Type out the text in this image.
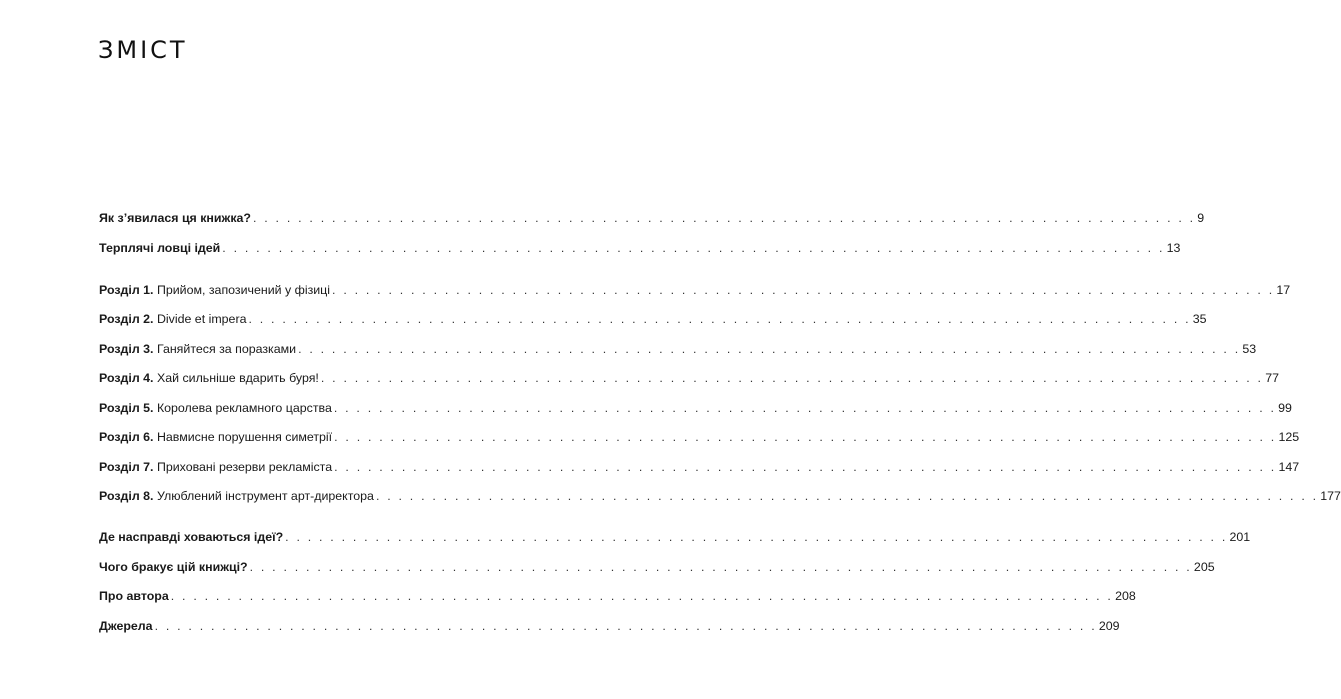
ЗМІСТ
Як з’явилася ця книжка? . . . . . . . . . . . . . . . . . . . . . . . . . . . . . . . . . . . . . . . . . . . . . . . . . . . . . . . . . . . . . . . . . . . . . . . . . . . . . . . . . . . . 9
Терплячі ловці ідей . . . . . . . . . . . . . . . . . . . . . . . . . . . . . . . . . . . . . . . . . . . . . . . . . . . . . . . . . . . . . . . . . . . . . . . . . . . . . . . . . . . . 13
Розділ 1. Прийом, запозичений у фізиці . . . . . . . . . . . . . . . . . . . . . . . . . . . . . . . . . . . . . . . . . . . . . . . . . . . . . . . . . . . . . . . . . . . . . . . . . . . . . . . . . . . . 17
Розділ 2. Divide et impera . . . . . . . . . . . . . . . . . . . . . . . . . . . . . . . . . . . . . . . . . . . . . . . . . . . . . . . . . . . . . . . . . . . . . . . . . . . . . . . . . . . . 35
Розділ 3. Ганяйтеся за поразками . . . . . . . . . . . . . . . . . . . . . . . . . . . . . . . . . . . . . . . . . . . . . . . . . . . . . . . . . . . . . . . . . . . . . . . . . . . . . . . . . . . . 53
Розділ 4. Хай сильніше вдарить буря! . . . . . . . . . . . . . . . . . . . . . . . . . . . . . . . . . . . . . . . . . . . . . . . . . . . . . . . . . . . . . . . . . . . . . . . . . . . . . . . . . . . . 77
Розділ 5. Королева рекламного царства . . . . . . . . . . . . . . . . . . . . . . . . . . . . . . . . . . . . . . . . . . . . . . . . . . . . . . . . . . . . . . . . . . . . . . . . . . . . . . . . . . . . 99
Розділ 6. Навмисне порушення симетрії . . . . . . . . . . . . . . . . . . . . . . . . . . . . . . . . . . . . . . . . . . . . . . . . . . . . . . . . . . . . . . . . . . . . . . . . . . . . . . . . . . . . 125
Розділ 7. Приховані резерви рекламіста . . . . . . . . . . . . . . . . . . . . . . . . . . . . . . . . . . . . . . . . . . . . . . . . . . . . . . . . . . . . . . . . . . . . . . . . . . . . . . . . . . . . 147
Розділ 8. Улюблений інструмент арт-директора . . . . . . . . . . . . . . . . . . . . . . . . . . . . . . . . . . . . . . . . . . . . . . . . . . . . . . . . . . . . . . . . . . . . . . . . . . . . . . . . . . . . 177
Де насправді ховаються ідеї? . . . . . . . . . . . . . . . . . . . . . . . . . . . . . . . . . . . . . . . . . . . . . . . . . . . . . . . . . . . . . . . . . . . . . . . . . . . . . . . . . . . . 201
Чого бракує цій книжці? . . . . . . . . . . . . . . . . . . . . . . . . . . . . . . . . . . . . . . . . . . . . . . . . . . . . . . . . . . . . . . . . . . . . . . . . . . . . . . . . . . . . 205
Про автора . . . . . . . . . . . . . . . . . . . . . . . . . . . . . . . . . . . . . . . . . . . . . . . . . . . . . . . . . . . . . . . . . . . . . . . . . . . . . . . . . . . . 208
Джерела . . . . . . . . . . . . . . . . . . . . . . . . . . . . . . . . . . . . . . . . . . . . . . . . . . . . . . . . . . . . . . . . . . . . . . . . . . . . . . . . . . . . 209
